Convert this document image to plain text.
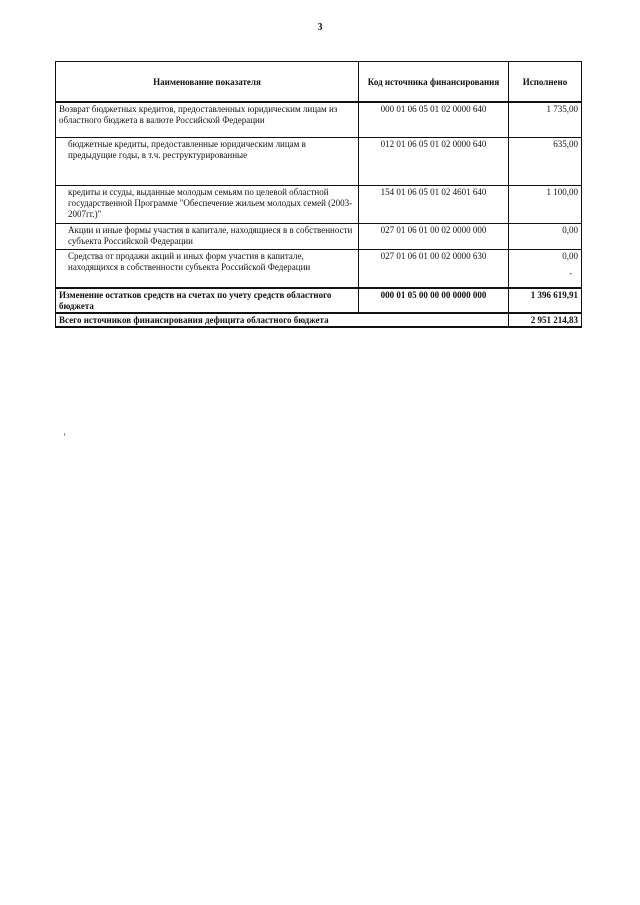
3
Наименование показателя	Код источника финансирования	Исполнено
Возврат бюджетных кредитов, предоставленных юридическим лицам из областного бюджета в валюте Российской Федерации	000 01 06 05 01 02 0000 640	1 735,00
бюджетные кредиты, предоставленные юридическим лицам в предыдущие годы, в т.ч. реструктурированные	012 01 06 05 01 02 0000 640	635,00
кредиты и ссуды, выданные молодым семьям по целевой областной государственной Программе "Обеспечение жильем молодых семей (2003-2007гг.)"	154 01 06 05 01 02 4601 640	1 100,00
Акции и иные формы участия в капитале, находящиеся в в собственности субъекта Российской Федерации	027 01 06 01 00 02 0000 000	0,00
Средства от продажи акций и иных форм участия в капитале, находящихся в собственности субъекта Российской Федерации	027 01 06 01 00 02 0000 630	0,00
-

Изменение остатков средств на счетах по учету средств областного бюджета	000 01 05 00 00 00 0000 000	1 396 619,91
Всего источников финансирования дефицита областного бюджета		2 951 214,83
